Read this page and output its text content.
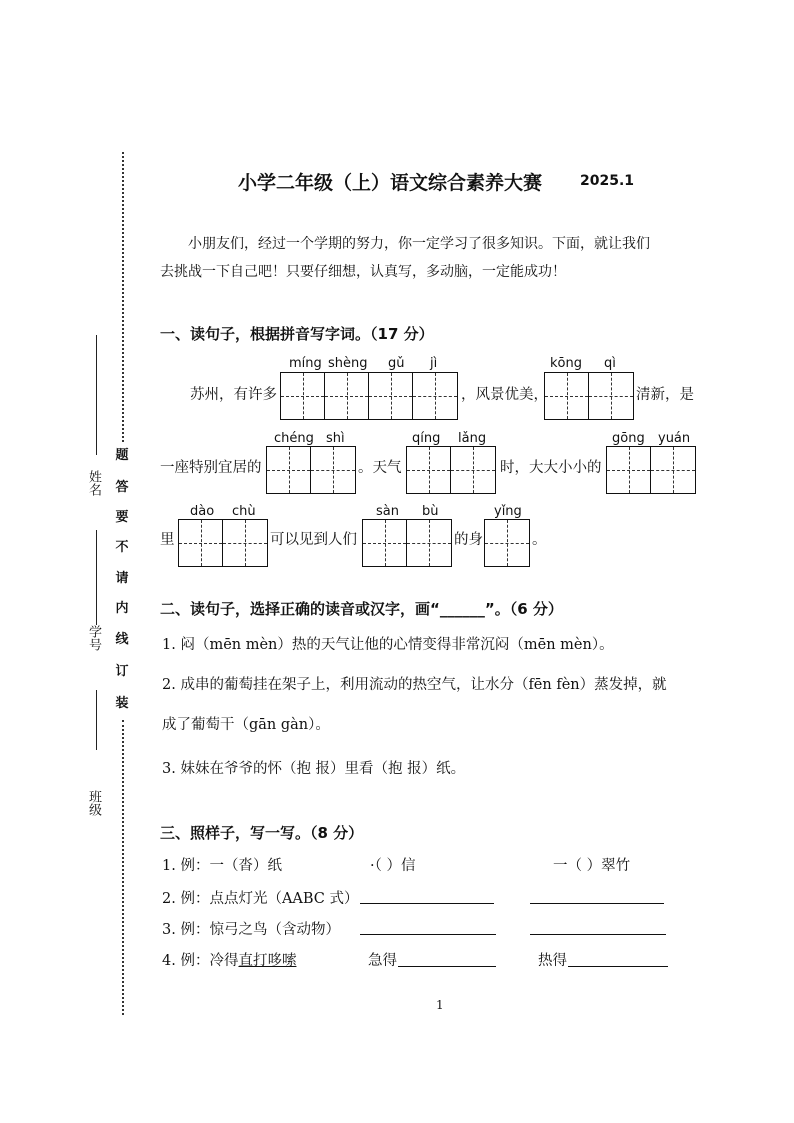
姓名
学号
班级
题
答
要
不
请
内
线
订
装
小学二年级（上）语文综合素养大赛	2025.1
小朋友们，经过一个学期的努力，你一定学习了很多知识。下面，就让我们
去挑战一下自己吧！只要仔细想，认真写，多动脑，一定能成功！
一、读句子，根据拼音写字词。（17 分）
苏州，有许多
míng shèng gǔ jì
，风景优美，
kōng qì
清新，是
一座特别宜居的
chéng shì
。天气
qíng lǎng
时，大大小小的
gōng yuán
里
dào chù
可以见到人们
sàn bù
的身
yǐng
。
二、读句子，选择正确的读音或汉字，画“______”。（6 分）
1. 闷（mēn mèn）热的天气让他的心情变得非常沉闷（mēn mèn）。
2. 成串的葡萄挂在架子上，利用流动的热空气，让水分（fēn fèn）蒸发掉，就
成了葡萄干（gān gàn）。
3. 妹妹在爷爷的怀（抱 报）里看（抱 报）纸。
三、照样子，写一写。（8 分）
1. 例：一（沓）纸	·（ ）信	一（ ）翠竹
2. 例：点点灯光（AABC 式）
3. 例：惊弓之鸟（含动物）
4. 例：冷得直打哆嗦	急得	热得
1
